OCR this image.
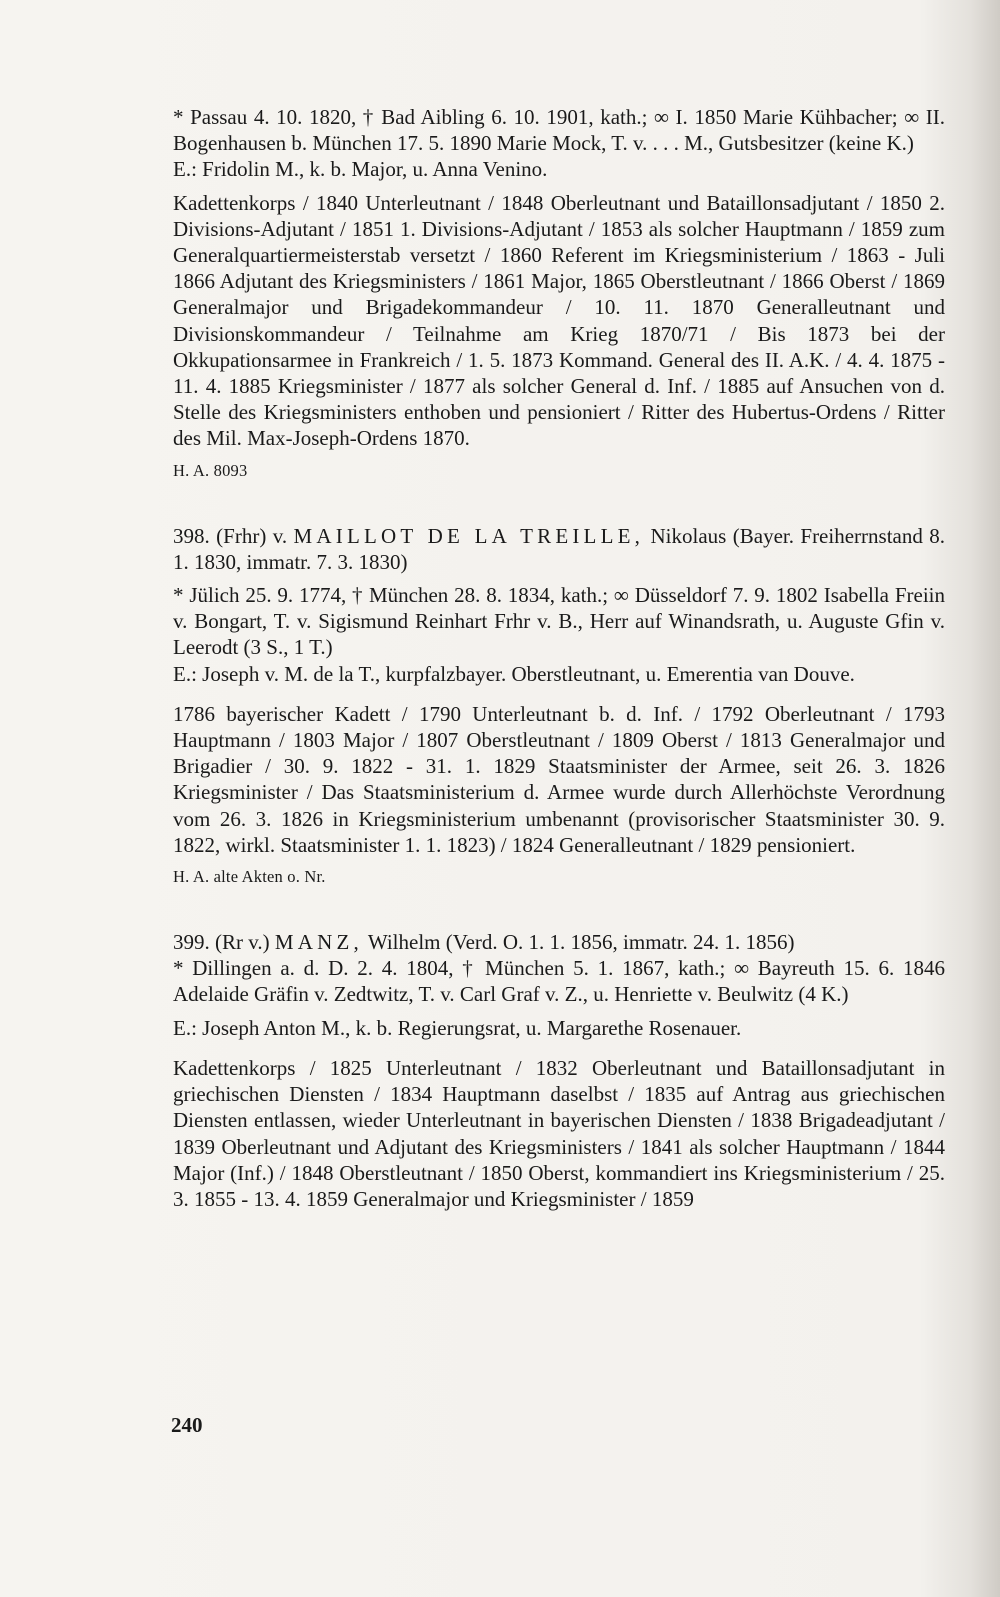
* Passau 4. 10. 1820, † Bad Aibling 6. 10. 1901, kath.; ∞ I. 1850 Marie Kühbacher; ∞ II. Bogenhausen b. München 17. 5. 1890 Marie Mock, T. v. . . . M., Gutsbesitzer (keine K.)

E.: Fridolin M., k. b. Major, u. Anna Venino.

Kadettenkorps / 1840 Unterleutnant / 1848 Oberleutnant und Bataillonsadjutant / 1850 2. Divisions-Adjutant / 1851 1. Divisions-Adjutant / 1853 als solcher Hauptmann / 1859 zum Generalquartiermeisterstab versetzt / 1860 Referent im Kriegsministerium / 1863 - Juli 1866 Adjutant des Kriegsministers / 1861 Major, 1865 Oberstleutnant / 1866 Oberst / 1869 Generalmajor und Brigadekommandeur / 10. 11. 1870 Generalleutnant und Divisionskommandeur / Teilnahme am Krieg 1870/71 / Bis 1873 bei der Okkupationsarmee in Frankreich / 1. 5. 1873 Kommand. General des II. A.K. / 4. 4. 1875 - 11. 4. 1885 Kriegsminister / 1877 als solcher General d. Inf. / 1885 auf Ansuchen von d. Stelle des Kriegsministers enthoben und pensioniert / Ritter des Hubertus-Ordens / Ritter des Mil. Max-Joseph-Ordens 1870.

H. A. 8093

398. (Frhr) v. MAILLOT DE LA TREILLE, Nikolaus (Bayer. Freiherrnstand 8. 1. 1830, immatr. 7. 3. 1830)

* Jülich 25. 9. 1774, † München 28. 8. 1834, kath.; ∞ Düsseldorf 7. 9. 1802 Isabella Freiin v. Bongart, T. v. Sigismund Reinhart Frhr v. B., Herr auf Winandsrath, u. Auguste Gfin v. Leerodt (3 S., 1 T.)

E.: Joseph v. M. de la T., kurpfalzbayer. Oberstleutnant, u. Emerentia van Douve.

1786 bayerischer Kadett / 1790 Unterleutnant b. d. Inf. / 1792 Oberleutnant / 1793 Hauptmann / 1803 Major / 1807 Oberstleutnant / 1809 Oberst / 1813 Generalmajor und Brigadier / 30. 9. 1822 - 31. 1. 1829 Staatsminister der Armee, seit 26. 3. 1826 Kriegsminister / Das Staatsministerium d. Armee wurde durch Allerhöchste Verordnung vom 26. 3. 1826 in Kriegsministerium umbenannt (provisorischer Staatsminister 30. 9. 1822, wirkl. Staatsminister 1. 1. 1823) / 1824 Generalleutnant / 1829 pensioniert.

H. A. alte Akten o. Nr.

399. (Rr v.) MANZ, Wilhelm (Verd. O. 1. 1. 1856, immatr. 24. 1. 1856)

* Dillingen a. d. D. 2. 4. 1804, † München 5. 1. 1867, kath.; ∞ Bayreuth 15. 6. 1846 Adelaide Gräfin v. Zedtwitz, T. v. Carl Graf v. Z., u. Henriette v. Beulwitz (4 K.)

E.: Joseph Anton M., k. b. Regierungsrat, u. Margarethe Rosenauer.

Kadettenkorps / 1825 Unterleutnant / 1832 Oberleutnant und Bataillonsadjutant in griechischen Diensten / 1834 Hauptmann daselbst / 1835 auf Antrag aus griechischen Diensten entlassen, wieder Unterleutnant in bayerischen Diensten / 1838 Brigadeadjutant / 1839 Oberleutnant und Adjutant des Kriegsministers / 1841 als solcher Hauptmann / 1844 Major (Inf.) / 1848 Oberstleutnant / 1850 Oberst, kommandiert ins Kriegsministerium / 25. 3. 1855 - 13. 4. 1859 Generalmajor und Kriegsminister / 1859

240
